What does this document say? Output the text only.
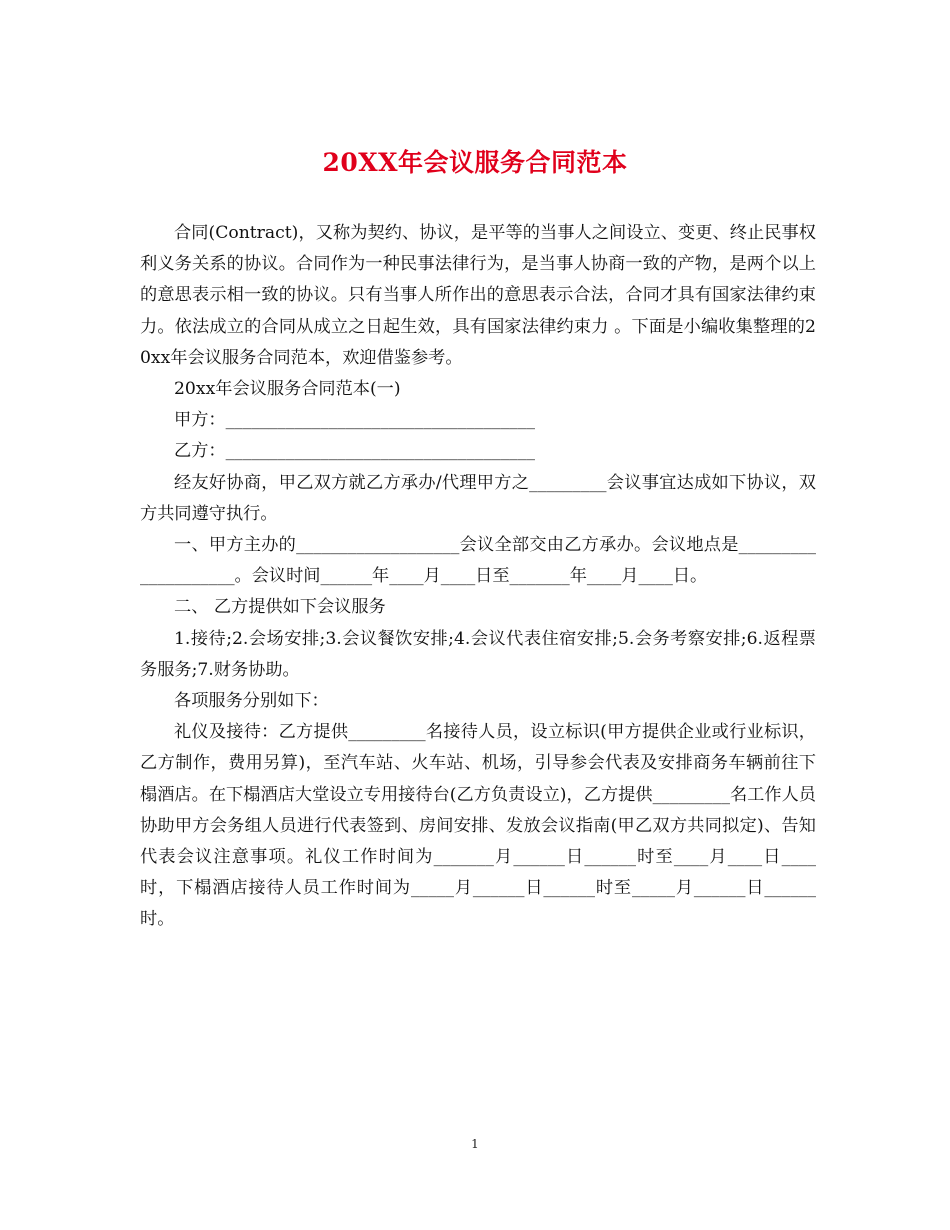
20XX年会议服务合同范本

合同(Contract)，又称为契约、协议，是平等的当事人之间设立、变更、终止民事权利义务关系的协议。合同作为一种民事法律行为，是当事人协商一致的产物，是两个以上的意思表示相一致的协议。只有当事人所作出的意思表示合法，合同才具有国家法律约束力。依法成立的合同从成立之日起生效，具有国家法律约束力 。下面是小编收集整理的20xx年会议服务合同范本，欢迎借鉴参考。

20xx年会议服务合同范本(一)

甲方：____________________________________

乙方：____________________________________

经友好协商，甲乙双方就乙方承办/代理甲方之_________会议事宜达成如下协议，双方共同遵守执行。

一、甲方主办的___________________会议全部交由乙方承办。会议地点是____________________。会议时间______年____月____日至_______年____月____日。

二、 乙方提供如下会议服务

1.接待;2.会场安排;3.会议餐饮安排;4.会议代表住宿安排;5.会务考察安排;6.返程票务服务;7.财务协助。

各项服务分别如下：

礼仪及接待：乙方提供_________名接待人员，设立标识(甲方提供企业或行业标识，乙方制作，费用另算)，至汽车站、火车站、机场，引导参会代表及安排商务车辆前往下榻酒店。在下榻酒店大堂设立专用接待台(乙方负责设立)，乙方提供_________名工作人员协助甲方会务组人员进行代表签到、房间安排、发放会议指南(甲乙双方共同拟定)、告知代表会议注意事项。礼仪工作时间为_______月______日______时至____月____日____时，下榻酒店接待人员工作时间为_____月______日______时至_____月______日______时。

1
